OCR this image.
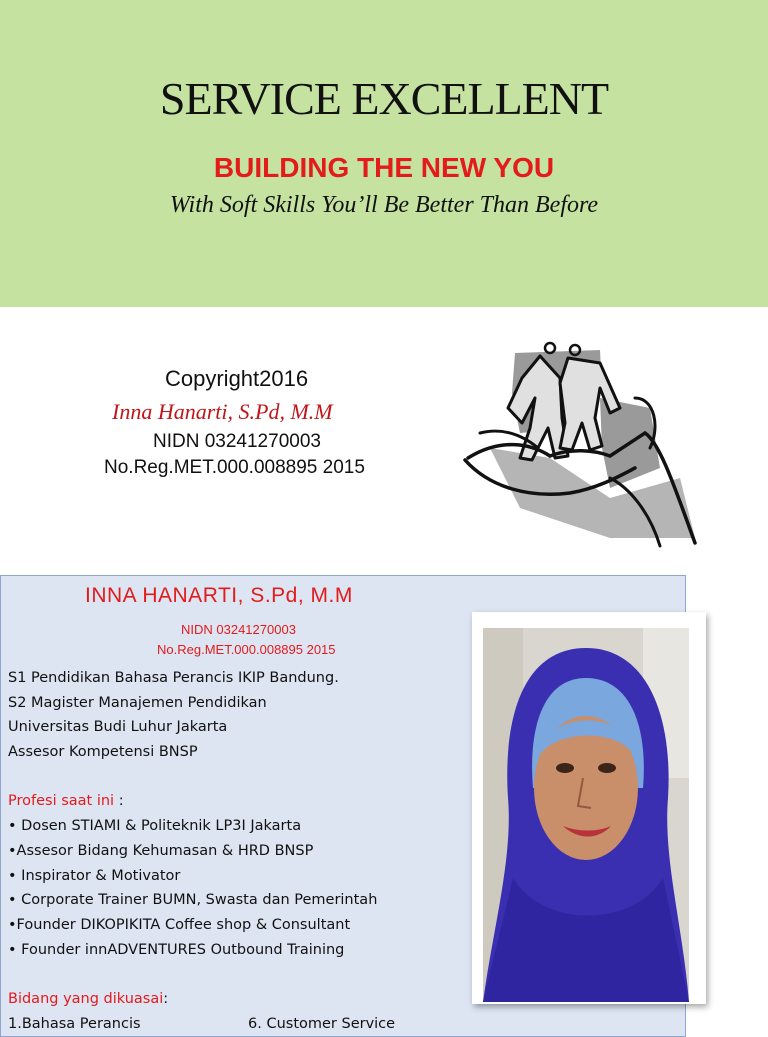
SERVICE EXCELLENT
BUILDING THE NEW YOU
With Soft Skills You’ll Be Better Than Before
Copyright2016
Inna Hanarti, S.Pd, M.M
NIDN 03241270003
No.Reg.MET.000.008895 2015
INNA HANARTI, S.Pd, M.M
NIDN 03241270003
No.Reg.MET.000.008895 2015
S1 Pendidikan Bahasa Perancis IKIP Bandung.
S2 Magister Manajemen Pendidikan
Universitas Budi Luhur Jakarta
Assesor Kompetensi BNSP
Profesi saat ini :
• Dosen STIAMI & Politeknik LP3I Jakarta
•Assesor Bidang Kehumasan & HRD BNSP
• Inspirator & Motivator
• Corporate Trainer BUMN, Swasta dan Pemerintah
•Founder DIKOPIKITA Coffee shop & Consultant
• Founder innADVENTURES Outbound Training
Bidang yang dikuasai:
1.Bahasa Perancis	6. Customer Service
